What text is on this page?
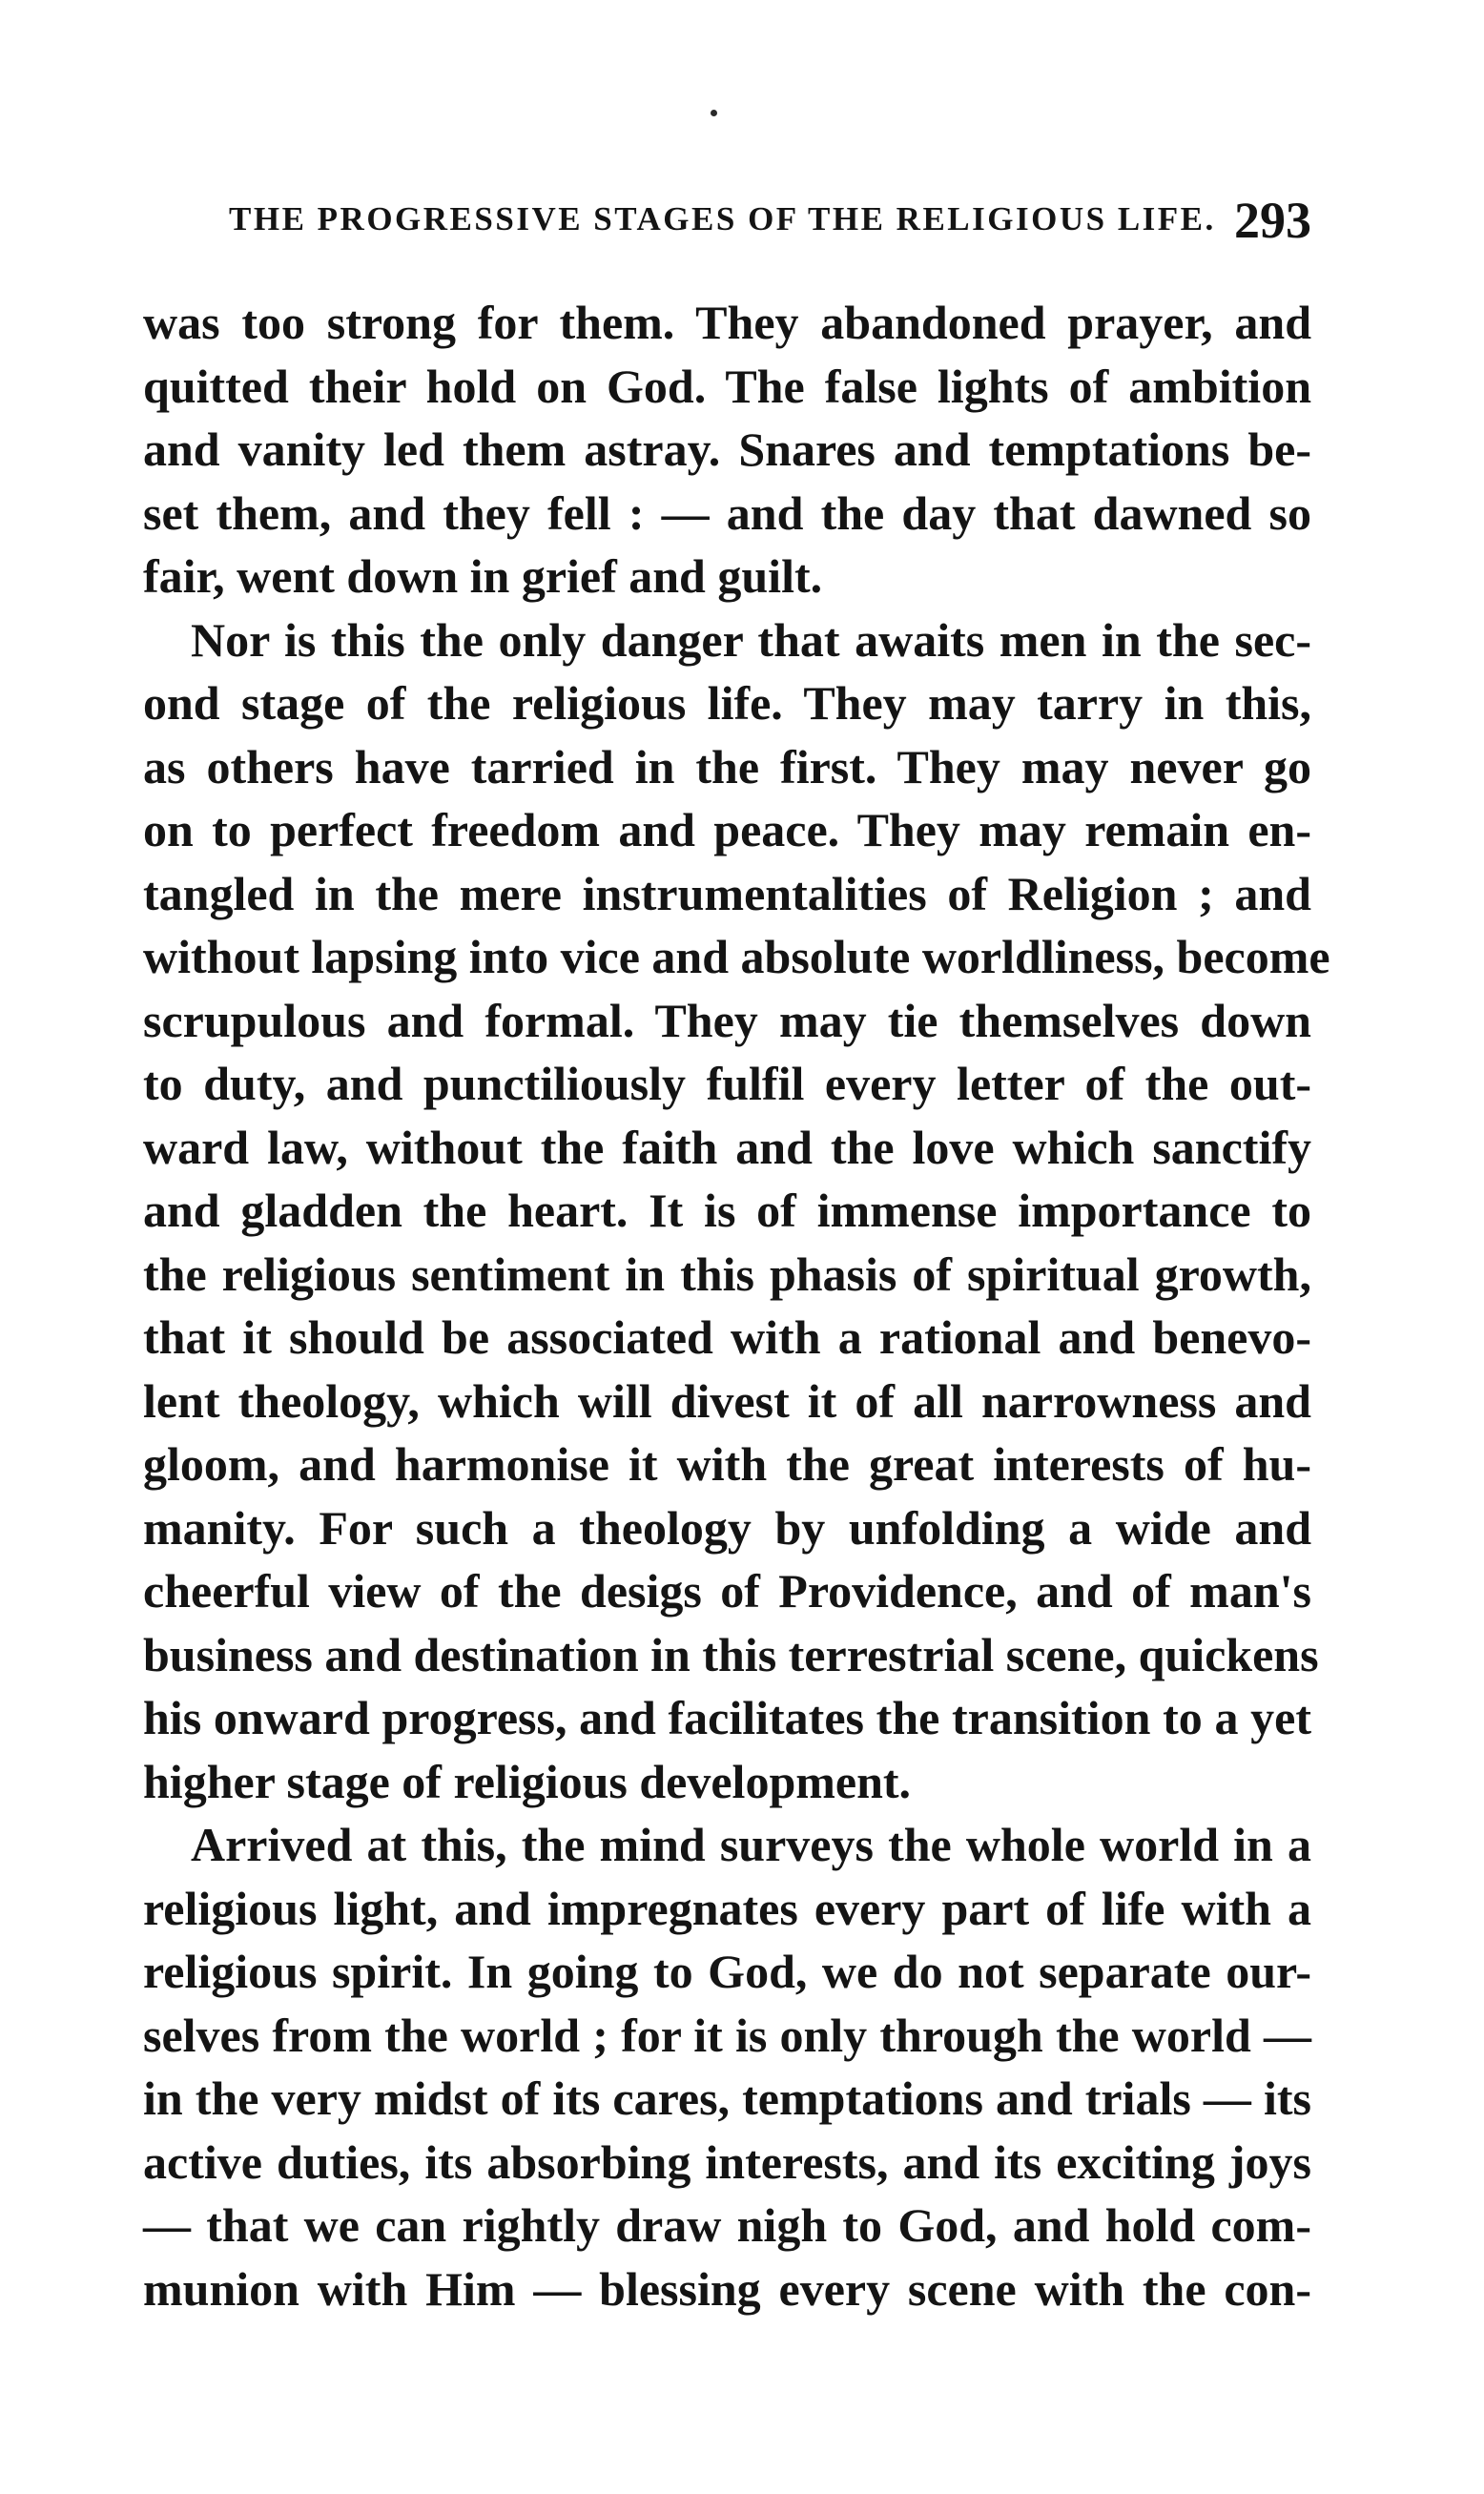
THE PROGRESSIVE STAGES OF THE RELIGIOUS LIFE. 293

was too strong for them. They abandoned prayer, and
quitted their hold on God. The false lights of ambition
and vanity led them astray. Snares and temptations be-
set them, and they fell : — and the day that dawned so
fair, went down in grief and guilt.

Nor is this the only danger that awaits men in the sec-
ond stage of the religious life. They may tarry in this,
as others have tarried in the first. They may never go
on to perfect freedom and peace. They may remain en-
tangled in the mere instrumentalities of Religion ; and
without lapsing into vice and absolute worldliness, become
scrupulous and formal. They may tie themselves down
to duty, and punctiliously fulfil every letter of the out-
ward law, without the faith and the love which sanctify
and gladden the heart. It is of immense importance to
the religious sentiment in this phasis of spiritual growth,
that it should be associated with a rational and benevo-
lent theology, which will divest it of all narrowness and
gloom, and harmonise it with the great interests of hu-
manity. For such a theology by unfolding a wide and
cheerful view of the desigs of Providence, and of man's
business and destination in this terrestrial scene, quickens
his onward progress, and facilitates the transition to a yet
higher stage of religious development.

Arrived at this, the mind surveys the whole world in a
religious light, and impregnates every part of life with a
religious spirit. In going to God, we do not separate our-
selves from the world ; for it is only through the world —
in the very midst of its cares, temptations and trials — its
active duties, its absorbing interests, and its exciting joys
— that we can rightly draw nigh to God, and hold com-
munion with Him — blessing every scene with the con-
